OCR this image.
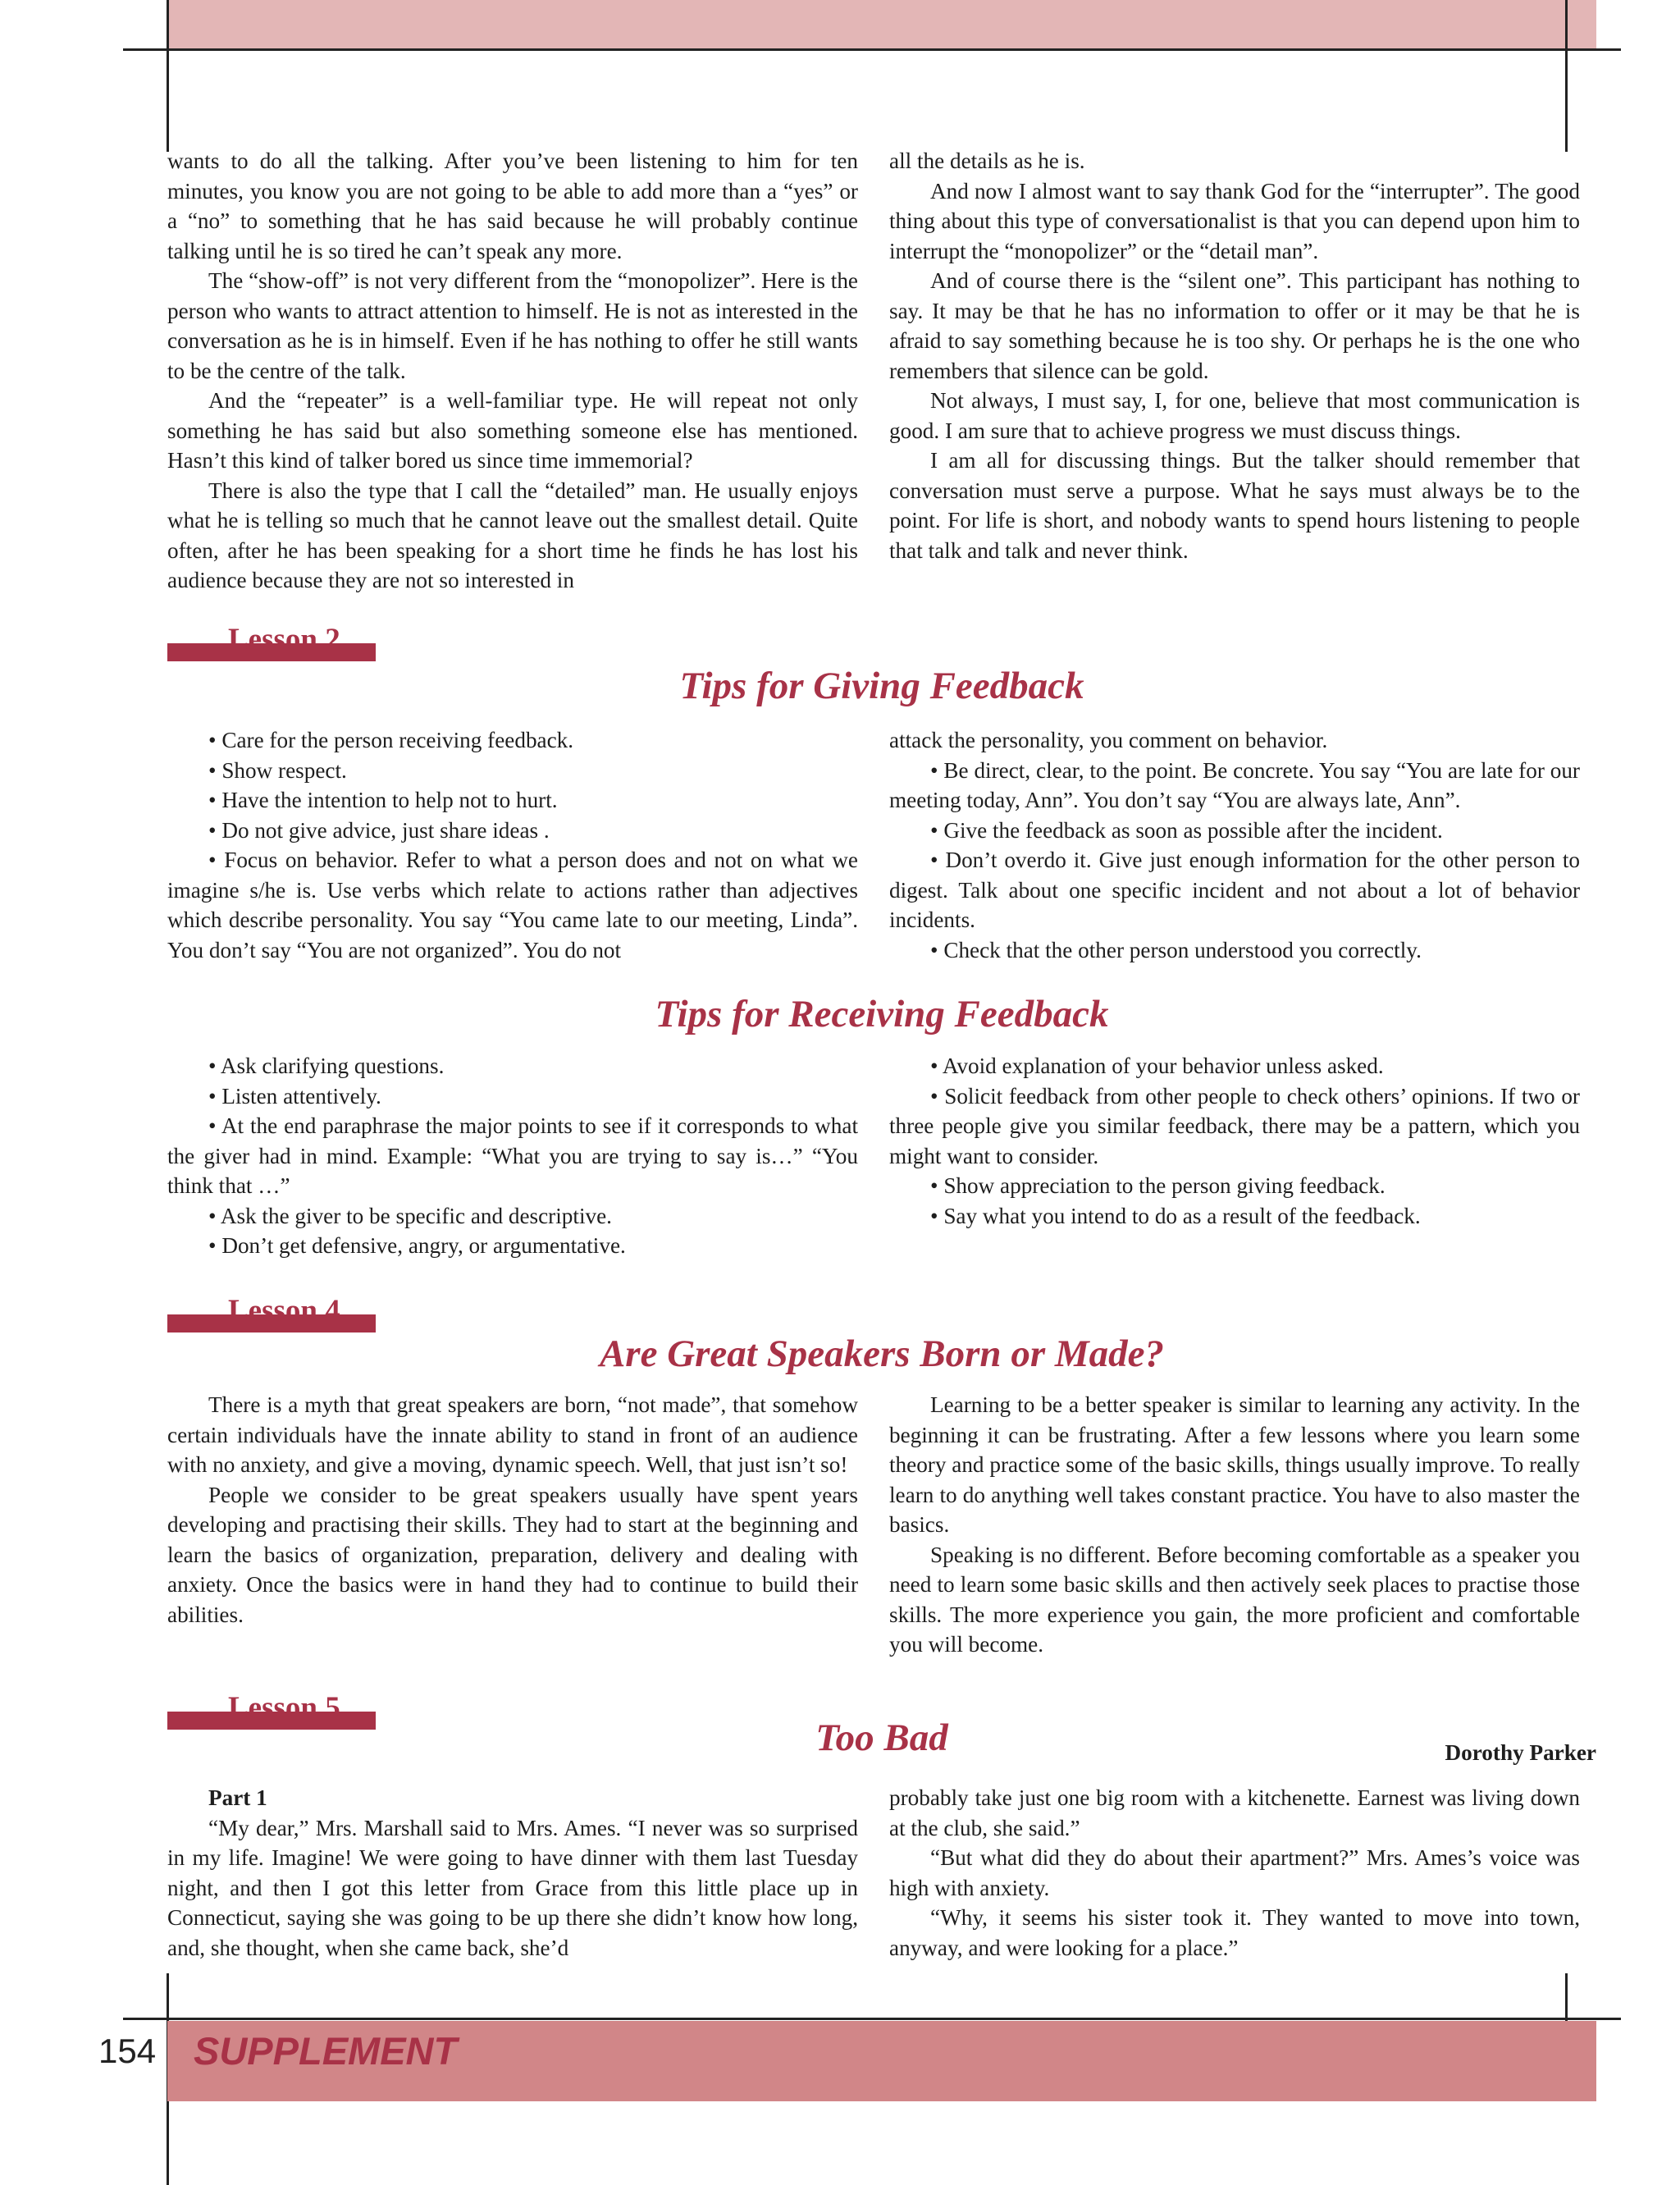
wants to do all the talking. After you’ve been listening to him for ten minutes, you know you are not going to be able to add more than a “yes” or a “no” to something that he has said because he will probably continue talking until he is so tired he can’t speak any more.

The “show-off” is not very different from the “monopolizer”. Here is the person who wants to attract attention to himself. He is not as interested in the conversation as he is in himself. Even if he has nothing to offer he still wants to be the centre of the talk.

And the “repeater” is a well-familiar type. He will repeat not only something he has said but also something someone else has mentioned. Hasn’t this kind of talker bored us since time immemorial?

There is also the type that I call the “detailed” man. He usually enjoys what he is telling so much that he cannot leave out the smallest detail. Quite often, after he has been speaking for a short time he finds he has lost his audience because they are not so interested in

all the details as he is.

And now I almost want to say thank God for the “interrupter”. The good thing about this type of conversationalist is that you can depend upon him to interrupt the “monopolizer” or the “detail man”.

And of course there is the “silent one”. This participant has nothing to say. It may be that he has no information to offer or it may be that he is afraid to say something because he is too shy. Or perhaps he is the one who remembers that silence can be gold.

Not always, I must say, I, for one, believe that most communication is good. I am sure that to achieve progress we must discuss things.

I am all for discussing things. But the talker should remember that conversation must serve a purpose. What he says must always be to the point. For life is short, and nobody wants to spend hours listening to people that talk and talk and never think.

Lesson 2
Tips for Giving Feedback

• Care for the person receiving feedback.

• Show respect.

• Have the intention to help not to hurt.

• Do not give advice, just share ideas .

• Focus on behavior. Refer to what a person does and not on what we imagine s/he is. Use verbs which relate to actions rather than adjectives which describe personality. You say “You came late to our meeting, Linda”. You don’t say “You are not organized”. You do not

attack the personality, you comment on behavior.

• Be direct, clear, to the point. Be concrete. You say “You are late for our meeting today, Ann”. You don’t say “You are always late, Ann”.

• Give the feedback as soon as possible after the incident.

• Don’t overdo it. Give just enough information for the other person to digest. Talk about one specific incident and not about a lot of behavior incidents.

• Check that the other person understood you correctly.

Tips for Receiving Feedback

• Ask clarifying questions.

• Listen attentively.

• At the end paraphrase the major points to see if it corresponds to what the giver had in mind. Example: “What you are trying to say is…” “You think that …”

• Ask the giver to be specific and descriptive.

• Don’t get defensive, angry, or argumentative.

• Avoid explanation of your behavior unless asked.

• Solicit feedback from other people to check others’ opinions. If two or three people give you similar feedback, there may be a pattern, which you might want to consider.

• Show appreciation to the person giving feedback.

• Say what you intend to do as a result of the feedback.

Lesson 4
Are Great Speakers Born or Made?

There is a myth that great speakers are born, “not made”, that somehow certain individuals have the innate ability to stand in front of an audience with no anxiety, and give a moving, dynamic speech. Well, that just isn’t so!

People we consider to be great speakers usually have spent years developing and practising their skills. They had to start at the beginning and learn the basics of organization, preparation, delivery and dealing with anxiety. Once the basics were in hand they had to continue to build their abilities.

Learning to be a better speaker is similar to learning any activity. In the beginning it can be frustrating. After a few lessons where you learn some theory and practice some of the basic skills, things usually improve. To really learn to do anything well takes constant practice. You have to also master the basics.

Speaking is no different. Before becoming comfortable as a speaker you need to learn some basic skills and then actively seek places to practise those skills. The more experience you gain, the more proficient and comfortable you will become.

Lesson 5
Too Bad	Dorothy Parker

Part 1

“My dear,” Mrs. Marshall said to Mrs. Ames. “I never was so surprised in my life. Imagine! We were going to have dinner with them last Tuesday night, and then I got this letter from Grace from this little place up in Connecticut, saying she was going to be up there she didn’t know how long, and, she thought, when she came back, she’d

probably take just one big room with a kitchenette. Earnest was living down at the club, she said.”

“But what did they do about their apartment?” Mrs. Ames’s voice was high with anxiety.

“Why, it seems his sister took it. They wanted to move into town, anyway, and were looking for a place.”

154 SUPPLEMENT
